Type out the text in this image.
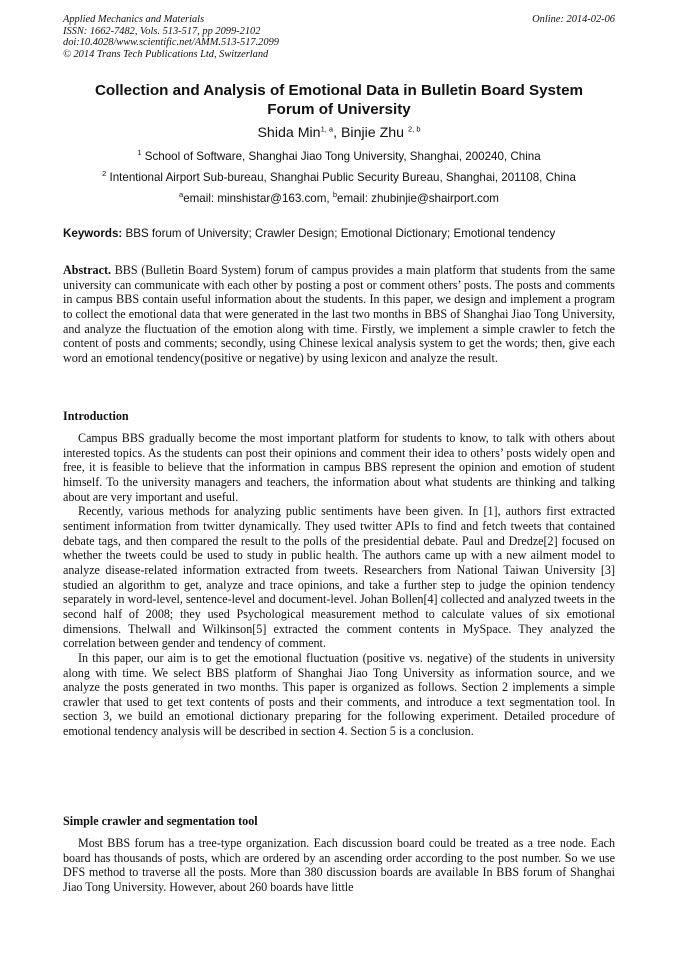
Applied Mechanics and Materials	Online: 2014-02-06
ISSN: 1662-7482, Vols. 513-517, pp 2099-2102
doi:10.4028/www.scientific.net/AMM.513-517.2099
© 2014 Trans Tech Publications Ltd, Switzerland
Collection and Analysis of Emotional Data in Bulletin Board System
Forum of University
Shida Min$^{1, a}$, Binjie Zhu $^{2, b}$
$^1$ School of Software, Shanghai Jiao Tong University, Shanghai, 200240, China
$^2$ Intentional Airport Sub-bureau, Shanghai Public Security Bureau, Shanghai, 201108, China
$^a$email: minshistar@163.com, $^b$email: zhubinjie@shairport.com
Keywords: BBS forum of University; Crawler Design; Emotional Dictionary; Emotional tendency

Abstract. BBS (Bulletin Board System) forum of campus provides a main platform that students from the same university can communicate with each other by posting a post or comment others’ posts. The posts and comments in campus BBS contain useful information about the students. In this paper, we design and implement a program to collect the emotional data that were generated in the last two months in BBS of Shanghai Jiao Tong University, and analyze the fluctuation of the emotion along with time. Firstly, we implement a simple crawler to fetch the content of posts and comments; secondly, using Chinese lexical analysis system to get the words; then, give each word an emotional tendency(positive or negative) by using lexicon and analyze the result.

Introduction

Campus BBS gradually become the most important platform for students to know, to talk with others about interested topics. As the students can post their opinions and comment their idea to others’ posts widely open and free, it is feasible to believe that the information in campus BBS represent the opinion and emotion of student himself. To the university managers and teachers, the information about what students are thinking and talking about are very important and useful.

Recently, various methods for analyzing public sentiments have been given. In [1], authors first extracted sentiment information from twitter dynamically. They used twitter APIs to find and fetch tweets that contained debate tags, and then compared the result to the polls of the presidential debate. Paul and Dredze[2] focused on whether the tweets could be used to study in public health. The authors came up with a new ailment model to analyze disease-related information extracted from tweets. Researchers from National Taiwan University [3] studied an algorithm to get, analyze and trace opinions, and take a further step to judge the opinion tendency separately in word-level, sentence-level and document-level. Johan Bollen[4] collected and analyzed tweets in the second half of 2008; they used Psychological measurement method to calculate values of six emotional dimensions. Thelwall and Wilkinson[5] extracted the comment contents in MySpace. They analyzed the correlation between gender and tendency of comment.

In this paper, our aim is to get the emotional fluctuation (positive vs. negative) of the students in university along with time. We select BBS platform of Shanghai Jiao Tong University as information source, and we analyze the posts generated in two months. This paper is organized as follows. Section 2 implements a simple crawler that used to get text contents of posts and their comments, and introduce a text segmentation tool. In section 3, we build an emotional dictionary preparing for the following experiment. Detailed procedure of emotional tendency analysis will be described in section 4. Section 5 is a conclusion.

Simple crawler and segmentation tool

Most BBS forum has a tree-type organization. Each discussion board could be treated as a tree node. Each board has thousands of posts, which are ordered by an ascending order according to the post number. So we use DFS method to traverse all the posts. More than 380 discussion boards are available In BBS forum of Shanghai Jiao Tong University. However, about 260 boards have little
